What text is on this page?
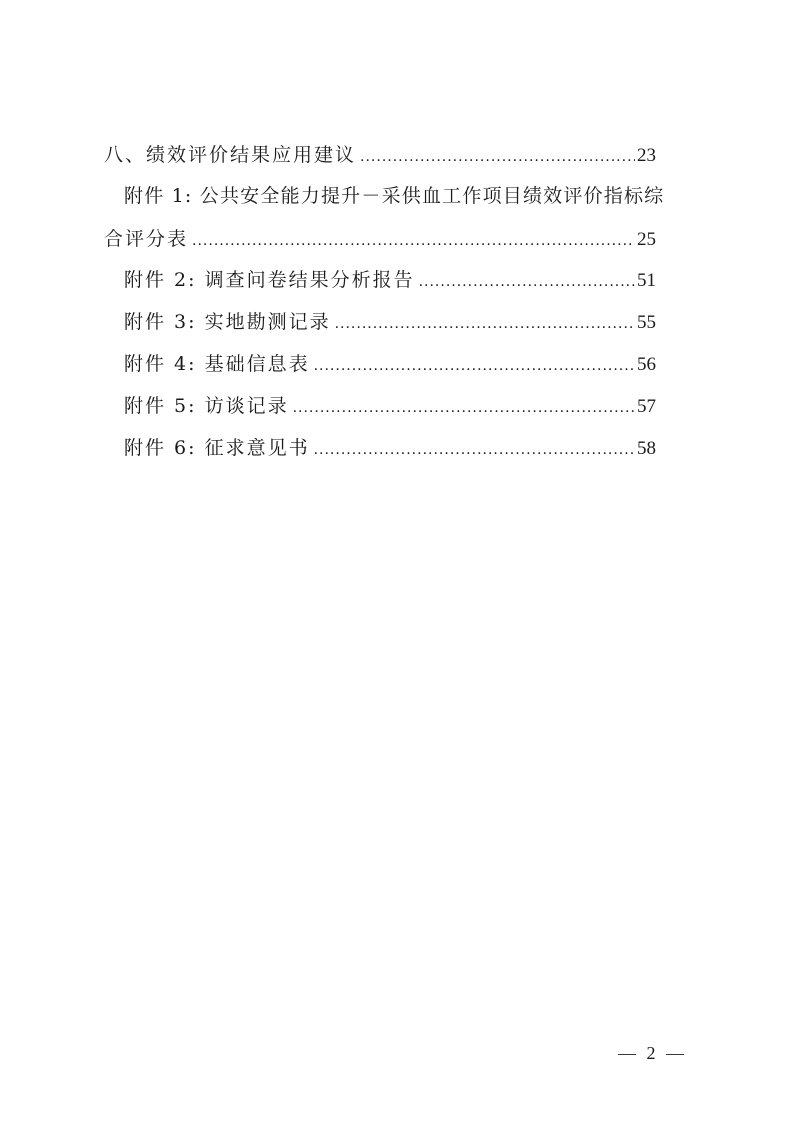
八、绩效评价结果应用建议 .....	23
附件 1: 公共安全能力提升－采供血工作项目绩效评价指标综
合评分表 .....	25
附件 2: 调查问卷结果分析报告 .....	51
附件 3: 实地勘测记录 .....	55
附件 4: 基础信息表 .....	56
附件 5: 访谈记录 .....	57
附件 6: 征求意见书 .....	58
— 2 —
